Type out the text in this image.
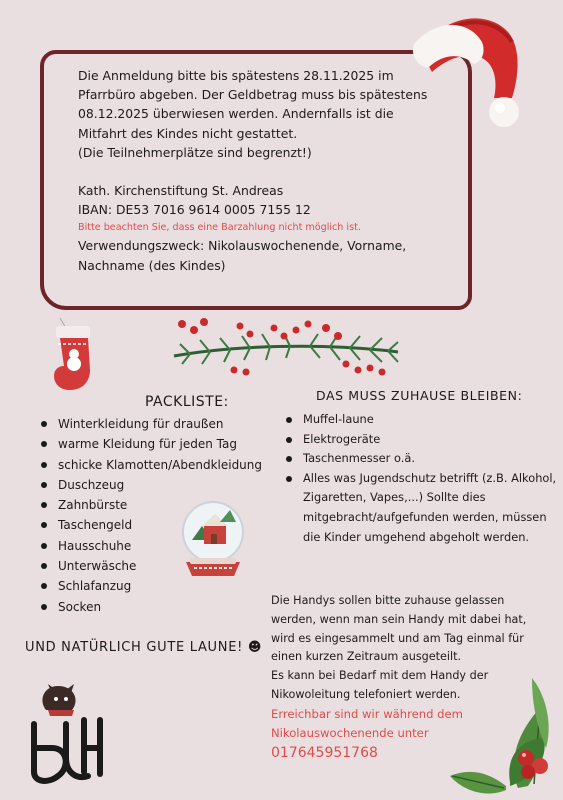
Die Anmeldung bitte bis spätestens 28.11.2025 im

Pfarrbüro abgeben. Der Geldbetrag muss bis spätestens

08.12.2025 überwiesen werden. Andernfalls ist die

Mitfahrt des Kindes nicht gestattet.

(Die Teilnehmerplätze sind begrenzt!)

Kath. Kirchenstiftung St. Andreas

IBAN: DE53 7016 9614 0005 7155 12

Bitte beachten Sie, dass eine Barzahlung nicht möglich ist.

Verwendungszweck: Nikolauswochenende, Vorname,

Nachname (des Kindes)

PACKLISTE:
Winterkleidung für draußen
warme Kleidung für jeden Tag
schicke Klamotten/Abendkleidung
Duschzeug
Zahnbürste
Taschengeld
Hausschuhe
Unterwäsche
Schlafanzug
Socken
DAS MUSS ZUHAUSE BLEIBEN:
Muffel-laune
Elektrogeräte
Taschenmesser o.ä.
Alles was Jugendschutz betrifft (z.B. Alkohol, Zigaretten, Vapes,...) Sollte dies mitgebracht/aufgefunden werden, müssen die Kinder umgehend abgeholt werden.
UND NATÜRLICH GUTE LAUNE! ☻

Die Handys sollen bitte zuhause gelassen

werden, wenn man sein Handy mit dabei hat,

wird es eingesammelt und am Tag einmal für

einen kurzen Zeitraum ausgeteilt.

Es kann bei Bedarf mit dem Handy der

Nikowoleitung telefoniert werden.

Erreichbar sind wir während dem

Nikolauswochenende unter

017645951768

PJH
